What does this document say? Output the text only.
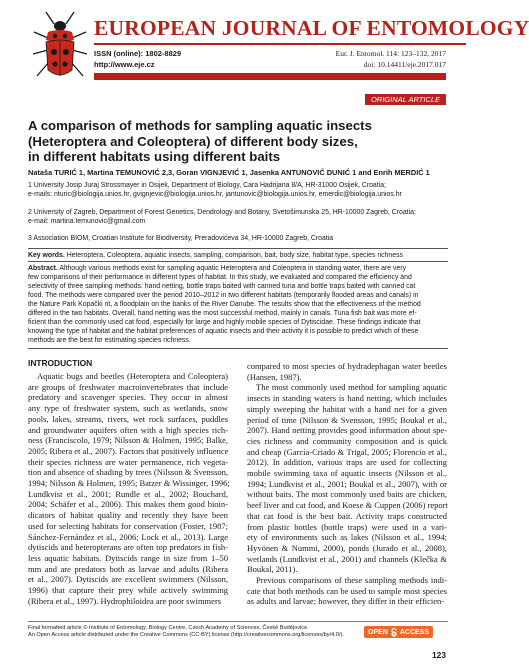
EUROPEAN JOURNAL OF ENTOMOLOGY
ISSN (online): 1802-8829
http://www.eje.cz
Eur. J. Entomol. 114: 123–132, 2017
doi: 10.14411/eje.2017.017
ORIGINAL ARTICLE
A comparison of methods for sampling aquatic insects
(Heteroptera and Coleoptera) of different body sizes,
in different habitats using different baits
Nataša TURIĆ 1, Martina TEMUNOVIĆ 2,3, Goran VIGNJEVIĆ 1, Jasenka ANTUNOVIĆ DUNIĆ 1 and Enrih MERDIĆ 1
1 University Josip Juraj Strossmayer in Osijek, Department of Biology, Cara Hadrijana 8/A, HR-31000 Osijek, Croatia;
e-mails: nturic@biologija.unios.hr, gvignjevic@biologija.unios.hr, jantunovic@biologija.unios.hr, emerdic@biologija.unios.hr
2 University of Zagreb, Department of Forest Genetics, Dendrology and Botany, Svetošimunska 25, HR-10000 Zagreb, Croatia;
e-mail: martina.temunovic@gmail.com
3 Association BIOM, Croatian Institute for Biodiversity, Preradovićeva 34, HR-10000 Zagreb, Croatia
Key words. Heteroptera, Coleoptera, aquatic insects, sampling, comparison, bait, body size, habitat type, species richness
Abstract. Although various methods exist for sampling aquatic Heteroptera and Coleoptera in standing water, there are very
few comparisons of their performance in different types of habitat. In this study, we evaluated and compared the efficiency and
selectivity of three sampling methods: hand netting, bottle traps baited with canned tuna and bottle traps baited with canned cat
food. The methods were compared over the period 2010–2012 in two different habitats (temporarily flooded areas and canals) in
the Nature Park Kopački rit, a floodplain on the banks of the River Danube. The results show that the effectiveness of the method
differed in the two habitats. Overall, hand netting was the most successful method, mainly in canals. Tuna fish bait was more ef-
ficient than the commonly used cat food, especially for large and highly mobile species of Dytiscidae. These findings indicate that
knowing the type of habitat and the habitat preferences of aquatic insects and their activity it is possible to predict which of these
methods are the best for estimating species richness.
INTRODUCTION
Aquatic bugs and beetles (Heteroptera and Coleoptera)
are groups of freshwater macroinvertebrates that include
predatory and scavenger species. They occur in almost
any type of freshwater system, such as wetlands, snow
pools, lakes, streams, rivers, wet rock surfaces, puddles
and groundwater aquifers often with a high species rich-
ness (Franciscolo, 1979; Nilsson & Holmen, 1995; Balke,
2005; Ribera et al., 2007). Factors that positively influence
their species richness are water permanence, rich vegeta-
tion and absence of shading by trees (Nilsson & Svensson,
1994; Nilsson & Holmen, 1995; Batzer & Wissinger, 1996;
Lundkvist et al., 2001; Rundle et al., 2002; Bouchard,
2004; Schäfer et al., 2006). This makes them good bioin-
dicators of habitat quality and recently they have been
used for selecting habitats for conservation (Foster, 1987;
Sánchez-Fernández et al., 2006; Lock et al., 2013). Large
dytiscids and heteropterans are often top predators in fish-
less aquatic habitats. Dytiscids range in size from 1–50
mm and are predators both as larvae and adults (Ribera
et al., 2007). Dytiscids are excellent swimmers (Nilsson,
1996) that capture their prey while actively swimming
(Ribera et al., 1997). Hydrophiloidea are poor swimmers
compared to most species of hydradephagan water beetles
(Hansen, 1987).
The most commonly used method for sampling aquatic
insects in standing waters is hand netting, which includes
simply sweeping the habitat with a hand net for a given
period of time (Nilsson & Svensson, 1995; Boukal et al.,
2007). Hand netting provides good information about spe-
cies richness and community composition and is quick
and cheap (García-Criado & Trigal, 2005; Florencio et al.,
2012). In addition, various traps are used for collecting
mobile swimming taxa of aquatic insects (Nilsson et al.,
1994; Lundkvist et al., 2001; Boukal et al., 2007), with or
without baits. The most commonly used baits are chicken,
beef liver and cat food, and Koese & Cuppen (2006) report
that cat food is the best bait. Activity traps constructed
from plastic bottles (bottle traps) were used in a vari-
ety of environments such as lakes (Nilsson et al., 1994;
Hyvönen & Nummi, 2000), ponds (Jurado et al., 2008),
wetlands (Lundkvist et al., 2001) and channels (Klečka &
Boukal, 2011).
Previous comparisons of these sampling methods indi-
cate that both methods can be used to sample most species
as adults and larvae; however, they differ in their efficien-
Final formatted article © Institute of Entomology, Biology Centre, Czech Academy of Sciences, České Budějovice.
An Open Access article distributed under the Creative Commons (CC-BY) license (http://creativecommons.org/licenses/by/4.0/).	OPEN ACCESS
123
